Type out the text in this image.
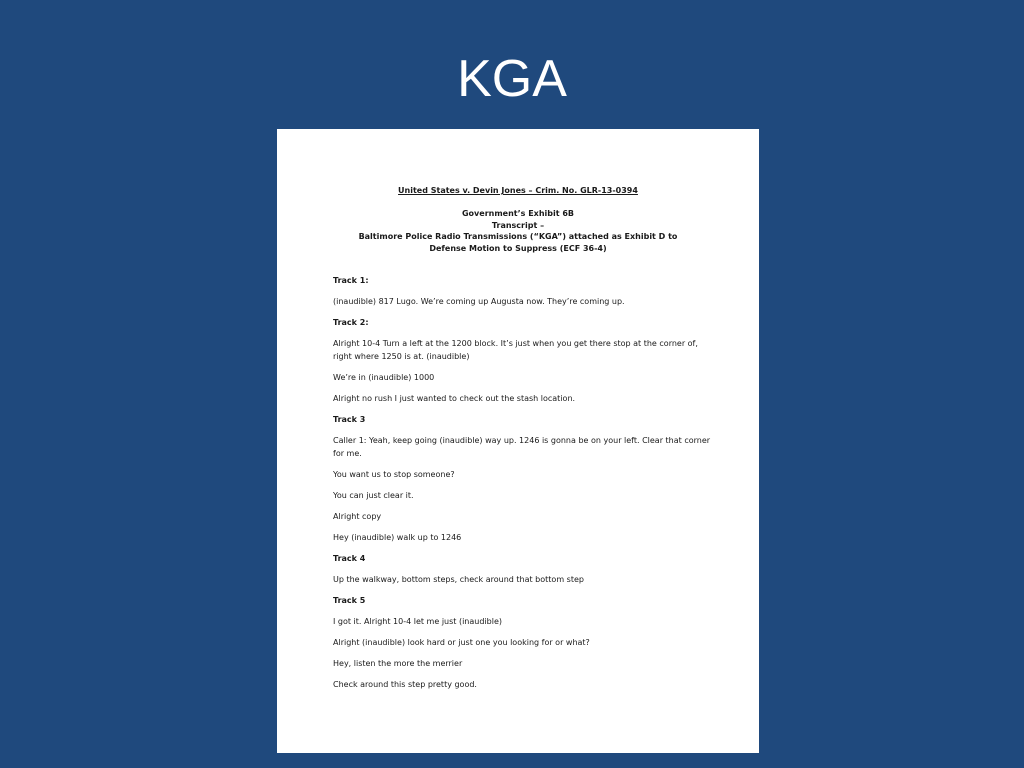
KGA
United States v. Devin Jones – Crim. No. GLR-13-0394
Government’s Exhibit 6B
Transcript –
Baltimore Police Radio Transmissions (“KGA”) attached as Exhibit D to
Defense Motion to Suppress (ECF 36-4)
Track 1:
(inaudible) 817 Lugo. We’re coming up Augusta now. They’re coming up.
Track 2:
Alright 10-4 Turn a left at the 1200 block. It’s just when you get there stop at the corner of, right where 1250 is at. (inaudible)
We’re in (inaudible) 1000
Alright no rush I just wanted to check out the stash location.
Track 3
Caller 1: Yeah, keep going (inaudible) way up. 1246 is gonna be on your left. Clear that corner for me.
You want us to stop someone?
You can just clear it.
Alright copy
Hey (inaudible) walk up to 1246
Track 4
Up the walkway, bottom steps, check around that bottom step
Track 5
I got it. Alright 10-4 let me just (inaudible)
Alright (inaudible) look hard or just one you looking for or what?
Hey, listen the more the merrier
Check around this step pretty good.
